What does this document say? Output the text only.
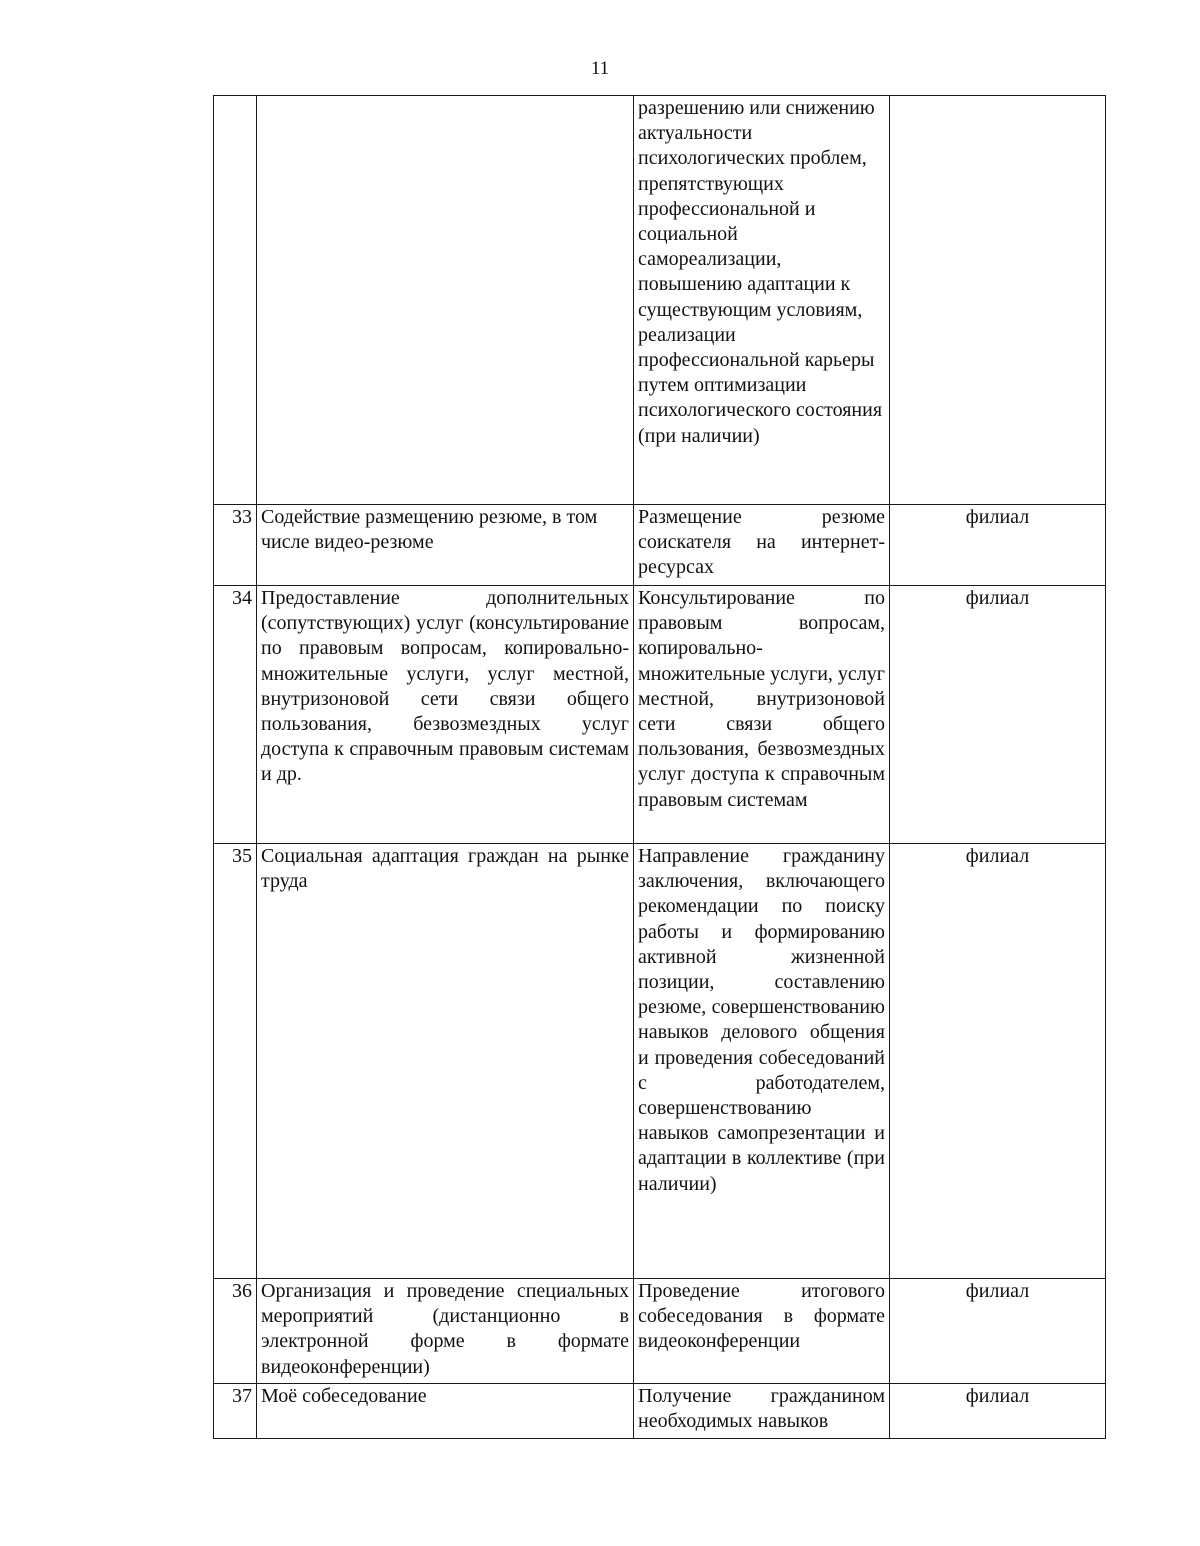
11

		разрешению или снижению актуальности психологических проблем, препятствующих профессиональной и социальной самореализации, повышению адаптации к существующим условиям, реализации профессиональной карьеры путем оптимизации психологического состояния (при наличии)	

33	Содействие размещению резюме, в том числе видео-резюме	Размещение резюме соискателя на интернет-ресурсах	филиал

34	Предоставление дополнительных (сопутствующих) услуг (консультирование по правовым вопросам, копировально-множительные услуги, услуг местной, внутризоновой сети связи общего пользования, безвозмездных услуг доступа к справочным правовым системам и др.	Консультирование по правовым вопросам, копировально-множительные услуги, услуг местной, внутризоновой сети связи общего пользования, безвозмездных услуг доступа к справочным правовым системам	филиал

35	Социальная адаптация граждан на рынке труда	Направление гражданину заключения, включающего рекомендации по поиску работы и формированию активной жизненной позиции, составлению резюме, совершенствованию навыков делового общения и проведения собеседований с работодателем, совершенствованию навыков самопрезентации и адаптации в коллективе (при наличии)	филиал

36	Организация и проведение специальных мероприятий (дистанционно в электронной форме в формате видеоконференции)	Проведение итогового собеседования в формате видеоконференции	филиал

37	Моё собеседование	Получение гражданином необходимых навыков	филиал
